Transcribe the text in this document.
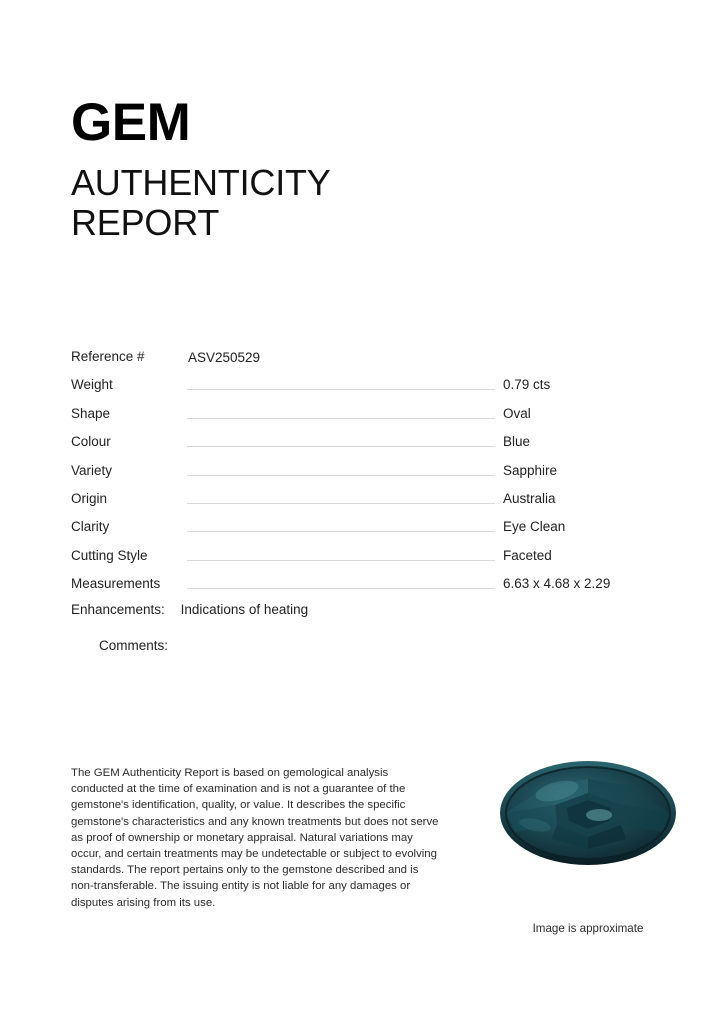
GEM
AUTHENTICITY
REPORT
Reference #	ASV250529
Weight	0.79 cts
Shape	Oval
Colour	Blue
Variety	Sapphire
Origin	Australia
Clarity	Eye Clean
Cutting Style	Faceted
Measurements	6.63 x 4.68 x 2.29
Enhancements: Indications of heating
Comments:
The GEM Authenticity Report is based on gemological analysis conducted at the time of examination and is not a guarantee of the gemstone's identification, quality, or value. It describes the specific gemstone's characteristics and any known treatments but does not serve as proof of ownership or monetary appraisal. Natural variations may occur, and certain treatments may be undetectable or subject to evolving standards. The report pertains only to the gemstone described and is non-transferable. The issuing entity is not liable for any damages or disputes arising from its use.
Image is approximate
